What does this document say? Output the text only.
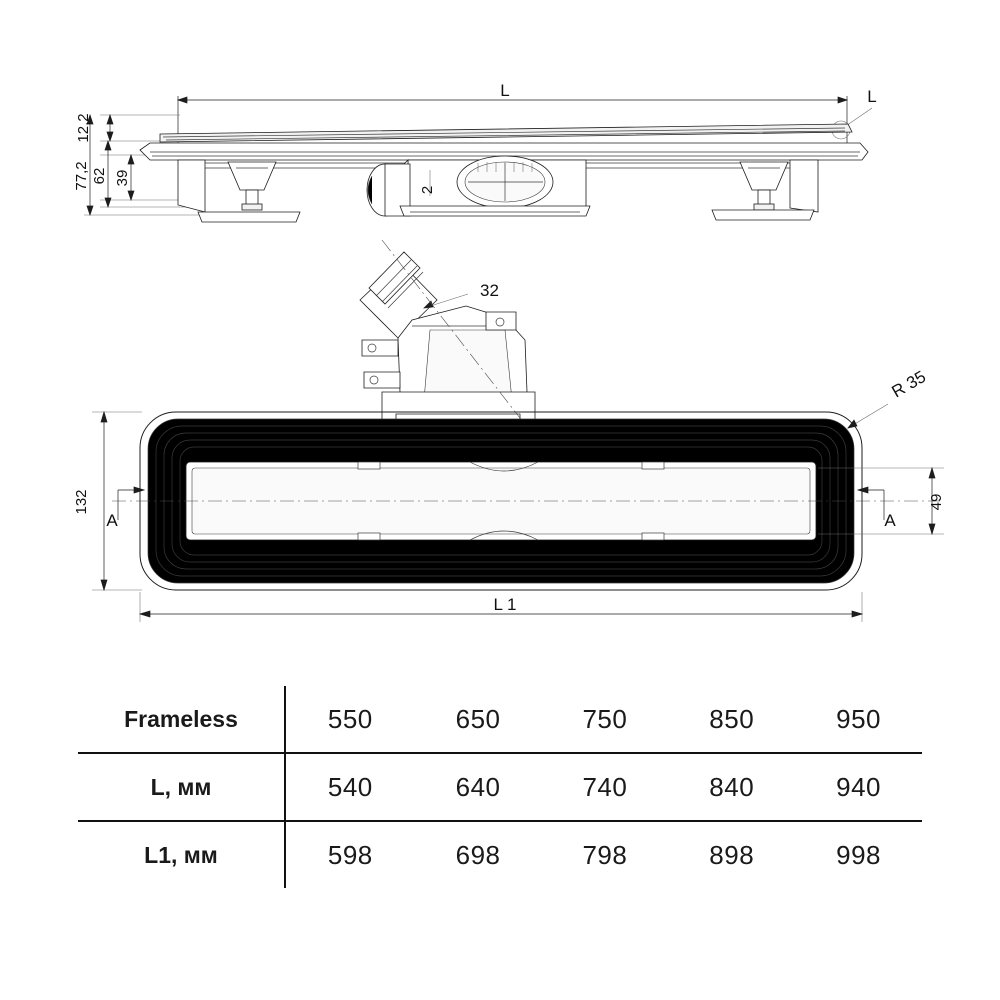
L	L
12,2
39
62
77,2	2
32
132	49
R 35
A	A
L 1
Frameless	550	650	750	850	950
L, мм	540	640	740	840	940
L1, мм	598	698	798	898	998
